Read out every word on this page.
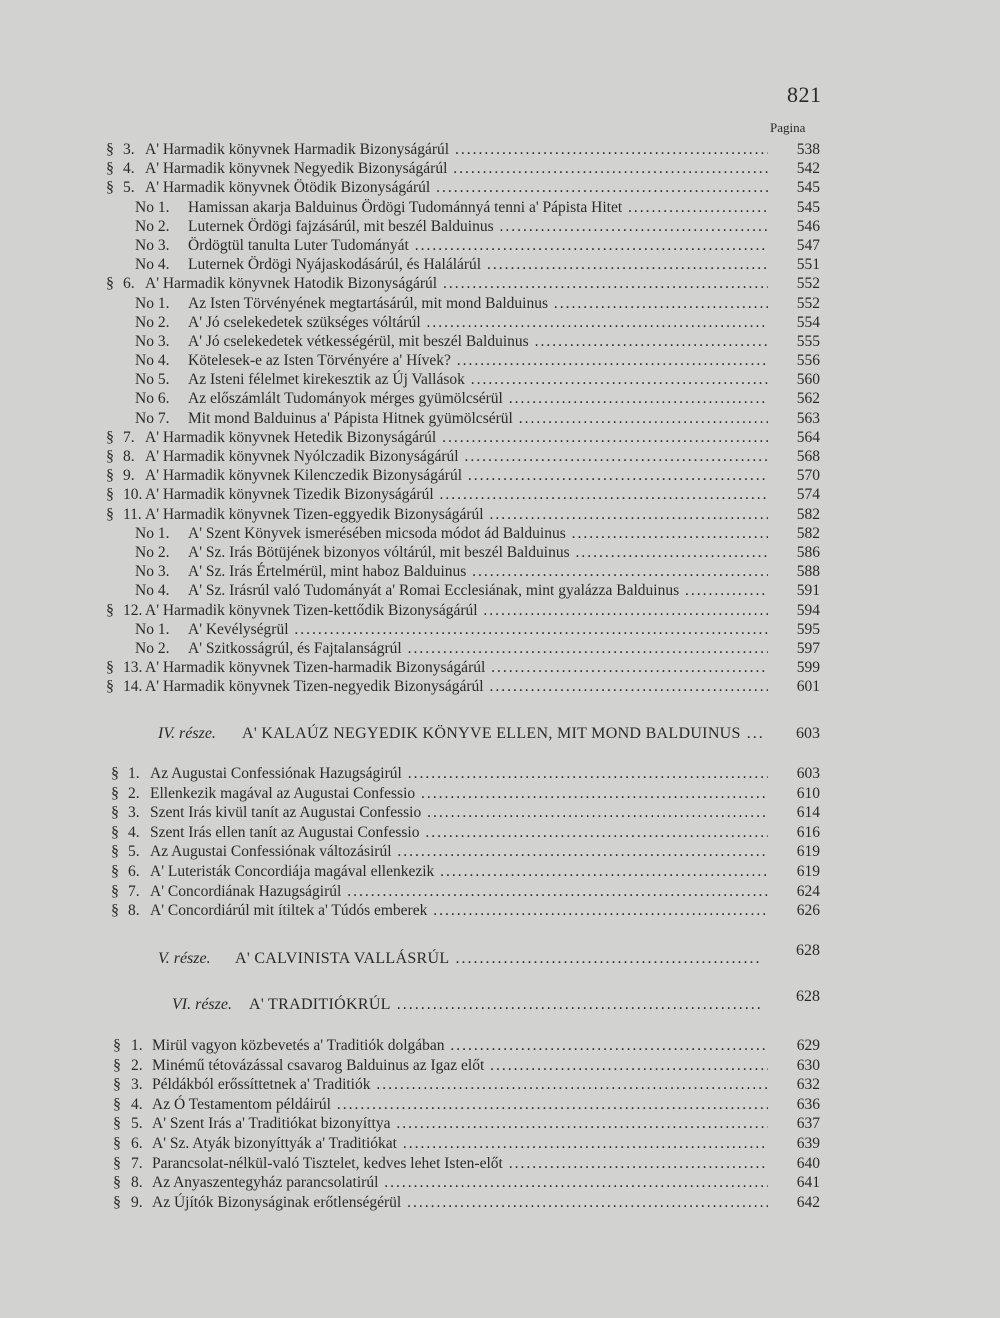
821
Pagina
§ 3. A' Harmadik könyvnek Harmadik Bizonyságárúl .....	538
§ 4. A' Harmadik könyvnek Negyedik Bizonyságárúl .....	542
§ 5. A' Harmadik könyvnek Ötödik Bizonyságárúl .....	545
No 1. Hamissan akarja Balduinus Ördögi Tudománnyá tenni a' Pápista Hitet .....	545
No 2. Luternek Ördögi fajzásárúl, mit beszél Balduinus .....	546
No 3. Ördögtül tanulta Luter Tudományát .....	547
No 4. Luternek Ördögi Nyájaskodásárúl, és Halálárúl .....	551
§ 6. A' Harmadik könyvnek Hatodik Bizonyságárúl .....	552
No 1. Az Isten Törvényének megtartásárúl, mit mond Balduinus .....	552
No 2. A' Jó cselekedetek szükséges vóltárúl .....	554
No 3. A' Jó cselekedetek vétkességérül, mit beszél Balduinus .....	555
No 4. Kötelesek-e az Isten Törvényére a' Hívek? .....	556
No 5. Az Isteni félelmet kirekesztik az Új Vallások .....	560
No 6. Az előszámlált Tudományok mérges gyümölcsérül .....	562
No 7. Mit mond Balduinus a' Pápista Hitnek gyümölcsérül .....	563
§ 7. A' Harmadik könyvnek Hetedik Bizonyságárúl .....	564
§ 8. A' Harmadik könyvnek Nyólczadik Bizonyságárúl .....	568
§ 9. A' Harmadik könyvnek Kilenczedik Bizonyságárúl .....	570
§ 10. A' Harmadik könyvnek Tizedik Bizonyságárúl .....	574
§ 11. A' Harmadik könyvnek Tizen-eggyedik Bizonyságárúl .....	582
No 1. A' Szent Könyvek ismerésében micsoda módot ád Balduinus .....	582
No 2. A' Sz. Irás Bötüjének bizonyos vóltárúl, mit beszél Balduinus .....	586
No 3. A' Sz. Irás Értelmérül, mint haboz Balduinus .....	588
No 4. A' Sz. Irásrúl való Tudományát a' Romai Ecclesiának, mint gyalázza Balduinus .....	591
§ 12. A' Harmadik könyvnek Tizen-kettődik Bizonyságárúl .....	594
No 1. A' Kevélységrül .....	595
No 2. A' Szitkosságrúl, és Fajtalanságrúl .....	597
§ 13. A' Harmadik könyvnek Tizen-harmadik Bizonyságárúl .....	599
§ 14. A' Harmadik könyvnek Tizen-negyedik Bizonyságárúl .....	601
IV. része. A' KALAÚZ NEGYEDIK KÖNYVE ELLEN, MIT MOND BALDUINUS .....	603
§ 1. Az Augustai Confessiónak Hazugságirúl .....	603
§ 2. Ellenkezik magával az Augustai Confessio .....	610
§ 3. Szent Irás kivül tanít az Augustai Confessio .....	614
§ 4. Szent Irás ellen tanít az Augustai Confessio .....	616
§ 5. Az Augustai Confessiónak változásirúl .....	619
§ 6. A' Luteristák Concordiája magával ellenkezik .....	619
§ 7. A' Concordiának Hazugságirúl .....	624
§ 8. A' Concordiárúl mit ítiltek a' Túdós emberek .....	626
V. része. A' CALVINISTA VALLÁSRÚL .....	628
VI. része. A' TRADITIÓKRÚL .....	628
§ 1. Mirül vagyon közbevetés a' Traditiók dolgában .....	629
§ 2. Minémű tétovázással csavarog Balduinus az Igaz előt .....	630
§ 3. Példákból erőssíttetnek a' Traditiók .....	632
§ 4. Az Ó Testamentom példáirúl .....	636
§ 5. A' Szent Irás a' Traditiókat bizonyíttya .....	637
§ 6. A' Sz. Atyák bizonyíttyák a' Traditiókat .....	639
§ 7. Parancsolat-nélkül-való Tisztelet, kedves lehet Isten-előt .....	640
§ 8. Az Anyaszentegyház parancsolatirúl .....	641
§ 9. Az Újítók Bizonyságinak erőtlenségérül .....	642
